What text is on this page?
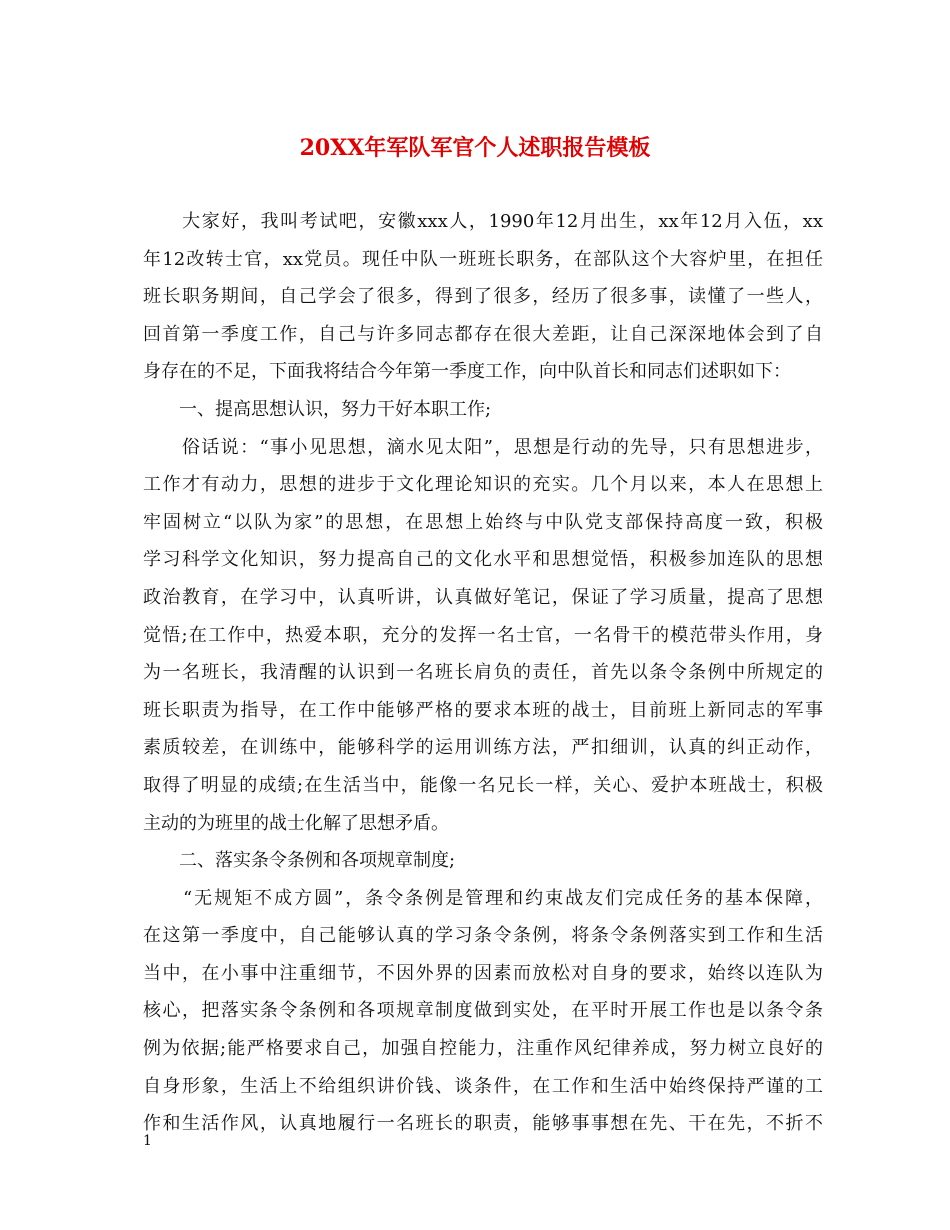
20XX年军队军官个人述职报告模板
　　大家好，我叫考试吧，安徽xxx人，1990年12月出生，xx年12月入伍，xx
年12改转士官，xx党员。现任中队一班班长职务，在部队这个大容炉里，在担任
班长职务期间，自己学会了很多，得到了很多，经历了很多事，读懂了一些人，
回首第一季度工作，自己与许多同志都存在很大差距，让自己深深地体会到了自
身存在的不足，下面我将结合今年第一季度工作，向中队首长和同志们述职如下：
　　一、提高思想认识，努力干好本职工作;
　　俗话说：“事小见思想，滴水见太阳”，思想是行动的先导，只有思想进步，
工作才有动力，思想的进步于文化理论知识的充实。几个月以来，本人在思想上
牢固树立“以队为家”的思想，在思想上始终与中队党支部保持高度一致，积极
学习科学文化知识，努力提高自己的文化水平和思想觉悟，积极参加连队的思想
政治教育，在学习中，认真听讲，认真做好笔记，保证了学习质量，提高了思想
觉悟;在工作中，热爱本职，充分的发挥一名士官，一名骨干的模范带头作用，身
为一名班长，我清醒的认识到一名班长肩负的责任，首先以条令条例中所规定的
班长职责为指导，在工作中能够严格的要求本班的战士，目前班上新同志的军事
素质较差，在训练中，能够科学的运用训练方法，严扣细训，认真的纠正动作，
取得了明显的成绩;在生活当中，能像一名兄长一样，关心、爱护本班战士，积极
主动的为班里的战士化解了思想矛盾。
　　二、落实条令条例和各项规章制度;
　　“无规矩不成方圆”，条令条例是管理和约束战友们完成任务的基本保障，
在这第一季度中，自己能够认真的学习条令条例，将条令条例落实到工作和生活
当中，在小事中注重细节，不因外界的因素而放松对自身的要求，始终以连队为
核心，把落实条令条例和各项规章制度做到实处，在平时开展工作也是以条令条
例为依据;能严格要求自己，加强自控能力，注重作风纪律养成，努力树立良好的
自身形象，生活上不给组织讲价钱、谈条件，在工作和生活中始终保持严谨的工
作和生活作风，认真地履行一名班长的职责，能够事事想在先、干在先，不折不
1
